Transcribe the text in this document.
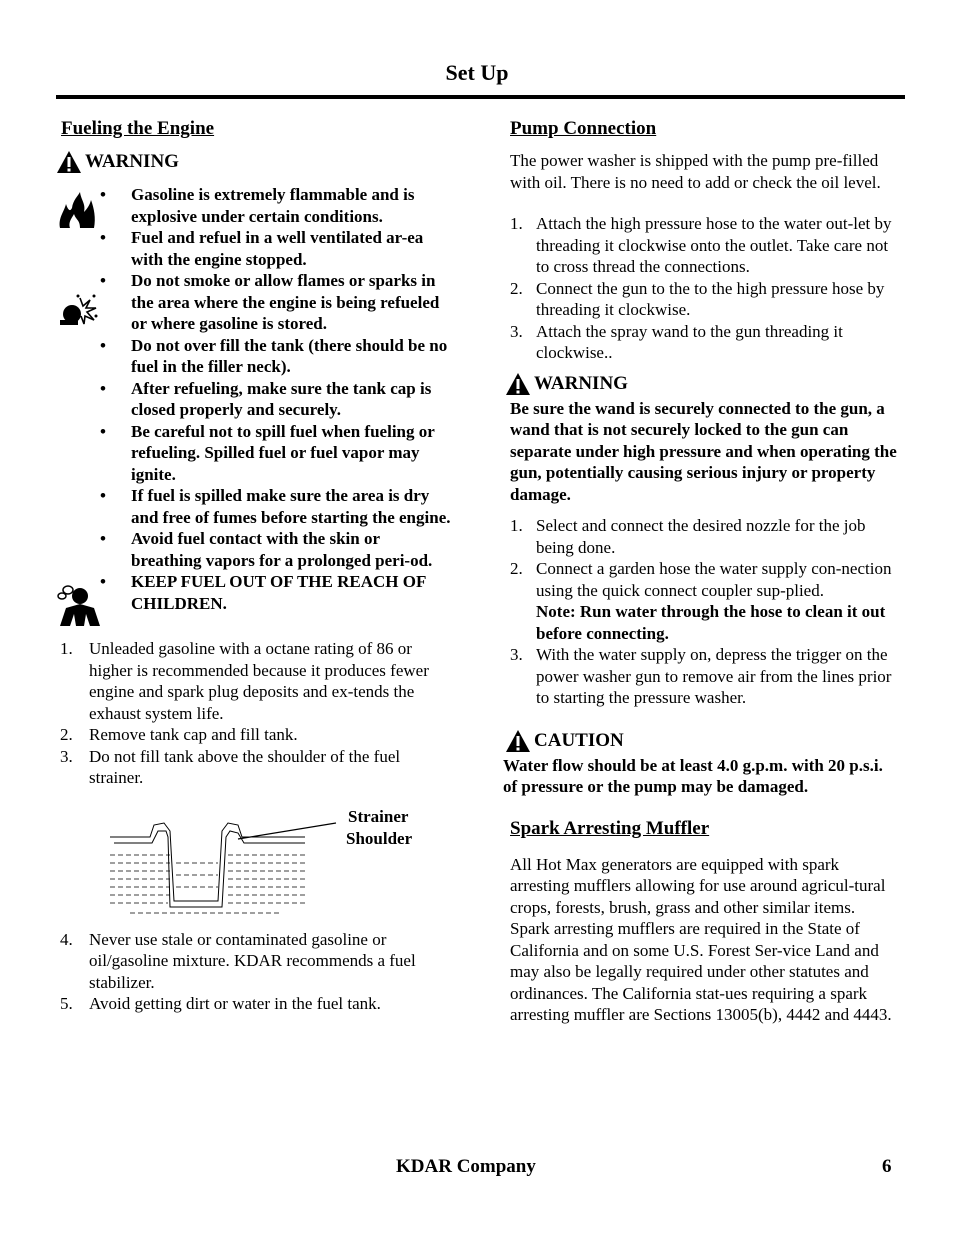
Set Up
Fueling the Engine
WARNING
• Gasoline is extremely flammable and is explosive under certain conditions.
• Fuel and refuel in a well ventilated ar-ea with the engine stopped.
• Do not smoke or allow flames or sparks in the area where the engine is being refueled or where gasoline is stored.
• Do not over fill the tank (there should be no fuel in the filler neck).
• After refueling, make sure the tank cap is closed properly and securely.
• Be careful not to spill fuel when fueling or refueling. Spilled fuel or fuel vapor may ignite.
• If fuel is spilled make sure the area is dry and free of fumes before starting the engine.
• Avoid fuel contact with the skin or breathing vapors for a prolonged peri-od.
• KEEP FUEL OUT OF THE REACH OF CHILDREN.
1. Unleaded gasoline with a octane rating of 86 or higher is recommended because it produces fewer engine and spark plug deposits and ex-tends the exhaust system life.
2. Remove tank cap and fill tank.
3. Do not fill tank above the shoulder of the fuel strainer.
Strainer
Shoulder
4. Never use stale or contaminated gasoline or oil/gasoline mixture. KDAR recommends a fuel stabilizer.
5. Avoid getting dirt or water in the fuel tank.
Pump Connection

The power washer is shipped with the pump pre-filled with oil. There is no need to add or check the oil level.

1. Attach the high pressure hose to the water out-let by threading it clockwise onto the outlet. Take care not to cross thread the connections.
2. Connect the gun to the to the high pressure hose by threading it clockwise.
3. Attach the spray wand to the gun threading it clockwise..
WARNING

Be sure the wand is securely connected to the gun, a wand that is not securely locked to the gun can separate under high pressure and when operating the gun, potentially causing serious injury or property damage.

1. Select and connect the desired nozzle for the job being done.
2. Connect a garden hose the water supply con-nection using the quick connect coupler sup-plied.
Note: Run water through the hose to clean it out before connecting.
3. With the water supply on, depress the trigger on the power washer gun to remove air from the lines prior to starting the pressure washer.
CAUTION

Water flow should be at least 4.0 g.p.m. with 20 p.s.i. of pressure or the pump may be damaged.

Spark Arresting Muffler

All Hot Max generators are equipped with spark arresting mufflers allowing for use around agricul-tural crops, forests, brush, grass and other similar items. Spark arresting mufflers are required in the State of California and on some U.S. Forest Ser-vice Land and may also be legally required under other statutes and ordinances. The California stat-ues requiring a spark arresting muffler are Sections 13005(b), 4442 and 4443.

KDAR Company	6
